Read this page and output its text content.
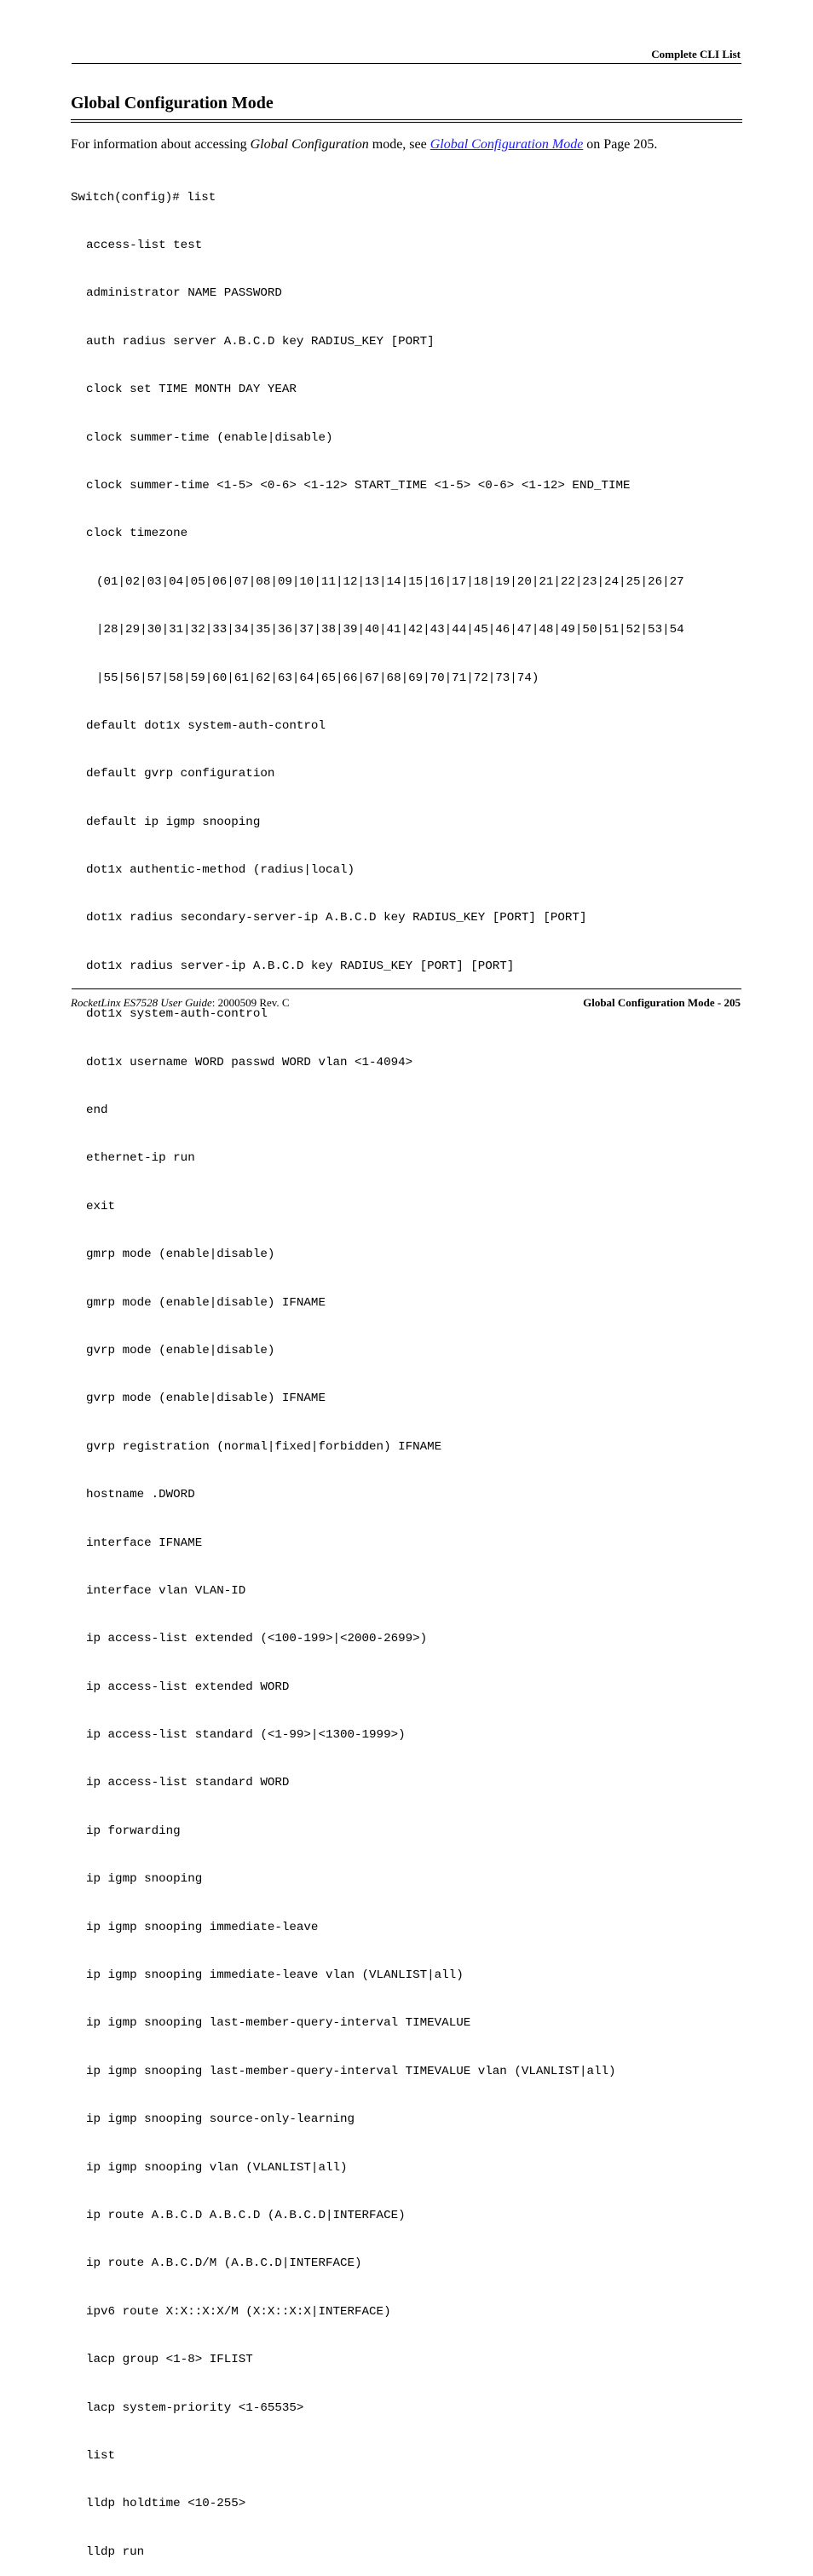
Complete CLI List
Global Configuration Mode

For information about accessing Global Configuration mode, see Global Configuration Mode on Page 205.

Switch(config)# list

access-list test

administrator NAME PASSWORD

auth radius server A.B.C.D key RADIUS_KEY [PORT]

clock set TIME MONTH DAY YEAR

clock summer-time (enable|disable)

clock summer-time <1-5> <0-6> <1-12> START_TIME <1-5> <0-6> <1-12> END_TIME

clock timezone

(01|02|03|04|05|06|07|08|09|10|11|12|13|14|15|16|17|18|19|20|21|22|23|24|25|26|27

|28|29|30|31|32|33|34|35|36|37|38|39|40|41|42|43|44|45|46|47|48|49|50|51|52|53|54

|55|56|57|58|59|60|61|62|63|64|65|66|67|68|69|70|71|72|73|74)

default dot1x system-auth-control

default gvrp configuration

default ip igmp snooping

dot1x authentic-method (radius|local)

dot1x radius secondary-server-ip A.B.C.D key RADIUS_KEY [PORT] [PORT]

dot1x radius server-ip A.B.C.D key RADIUS_KEY [PORT] [PORT]

dot1x system-auth-control

dot1x username WORD passwd WORD vlan <1-4094>

end

ethernet-ip run

exit

gmrp mode (enable|disable)

gmrp mode (enable|disable) IFNAME

gvrp mode (enable|disable)

gvrp mode (enable|disable) IFNAME

gvrp registration (normal|fixed|forbidden) IFNAME

hostname .DWORD

interface IFNAME

interface vlan VLAN-ID

ip access-list extended (<100-199>|<2000-2699>)

ip access-list extended WORD

ip access-list standard (<1-99>|<1300-1999>)

ip access-list standard WORD

ip forwarding

ip igmp snooping

ip igmp snooping immediate-leave

ip igmp snooping immediate-leave vlan (VLANLIST|all)

ip igmp snooping last-member-query-interval TIMEVALUE

ip igmp snooping last-member-query-interval TIMEVALUE vlan (VLANLIST|all)

ip igmp snooping source-only-learning

ip igmp snooping vlan (VLANLIST|all)

ip route A.B.C.D A.B.C.D (A.B.C.D|INTERFACE)

ip route A.B.C.D/M (A.B.C.D|INTERFACE)

ipv6 route X:X::X:X/M (X:X::X:X|INTERFACE)

lacp group <1-8> IFLIST

lacp system-priority <1-65535>

list

lldp holdtime <10-255>

lldp run

RocketLinx ES7528 User Guide: 2000509 Rev. C	Global Configuration Mode - 205
